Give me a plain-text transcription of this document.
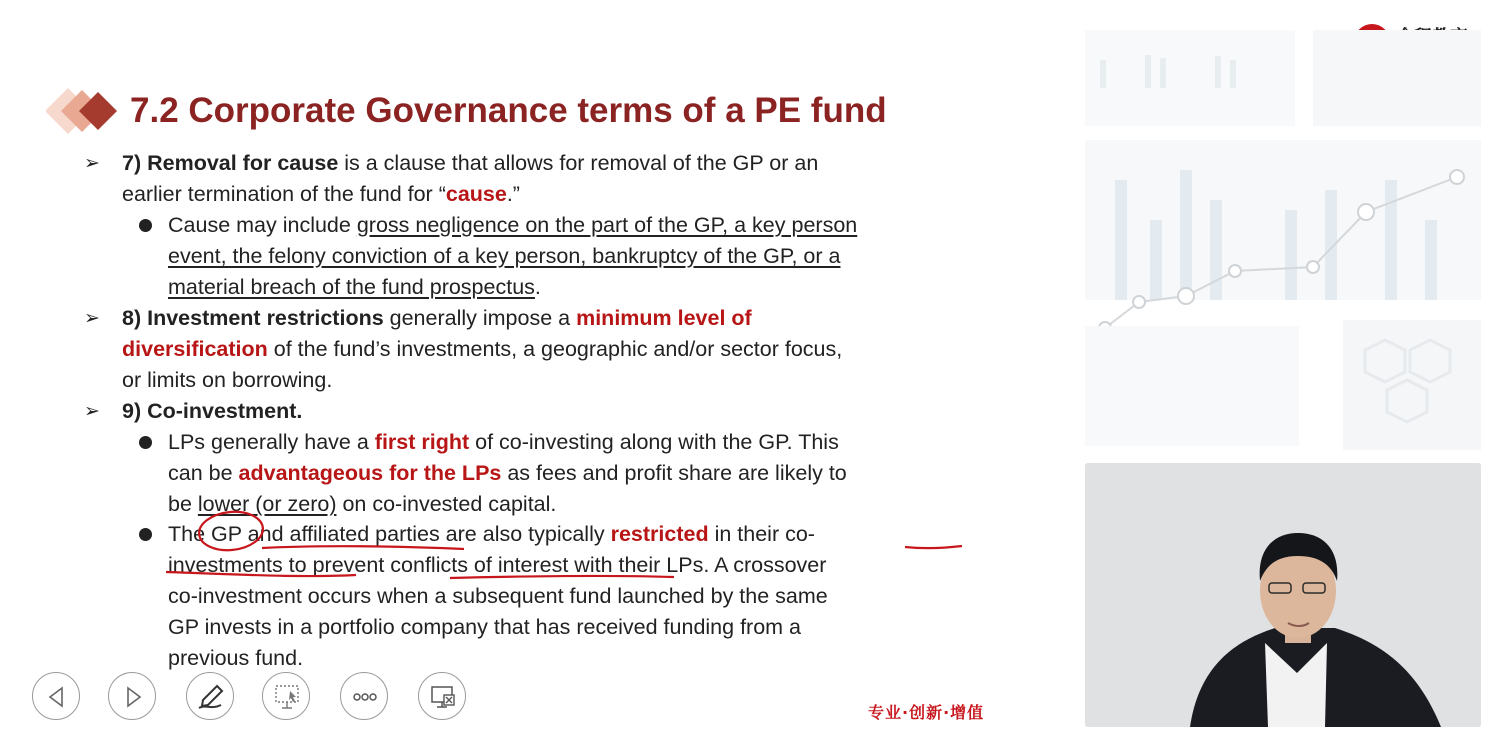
7.2 Corporate Governance terms of a PE fund
➢ 7) Removal for cause is a clause that allows for removal of the GP or an
earlier termination of the fund for “cause.”
Cause may include gross negligence on the part of the GP, a key person
event, the felony conviction of a key person, bankruptcy of the GP, or a
material breach of the fund prospectus.
➢ 8) Investment restrictions generally impose a minimum level of
diversification of the fund’s investments, a geographic and/or sector focus,
or limits on borrowing.
➢ 9) Co-investment.
LPs generally have a first right of co-investing along with the GP. This
can be advantageous for the LPs as fees and profit share are likely to
be lower (or zero) on co-invested capital.
The GP and affiliated parties are also typically restricted in their co-
investments to prevent conflicts of interest with their LPs. A crossover
co-investment occurs when a subsequent fund launched by the same
GP invests in a portfolio company that has received funding from a
previous fund.
专业·创新·增值
